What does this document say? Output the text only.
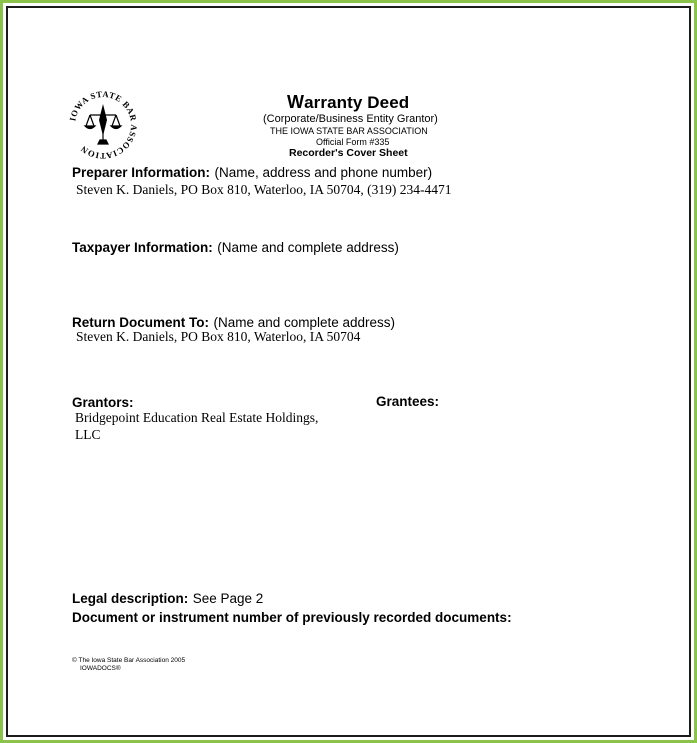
IOWA STATE BAR ASSOCIATION
Warranty Deed
(Corporate/Business Entity Grantor)
THE IOWA STATE BAR ASSOCIATION
Official Form #335
Recorder's Cover Sheet
Preparer Information: (Name, address and phone number)
Steven K. Daniels, PO Box 810, Waterloo, IA 50704, (319) 234-4471
Taxpayer Information: (Name and complete address)
Return Document To: (Name and complete address)
Steven K. Daniels, PO Box 810, Waterloo, IA 50704
Grantors:
Bridgepoint Education Real Estate Holdings, LLC
Grantees:
Legal description: See Page 2
Document or instrument number of previously recorded documents:
© The Iowa State Bar Association 2005
IOWADOCS®
